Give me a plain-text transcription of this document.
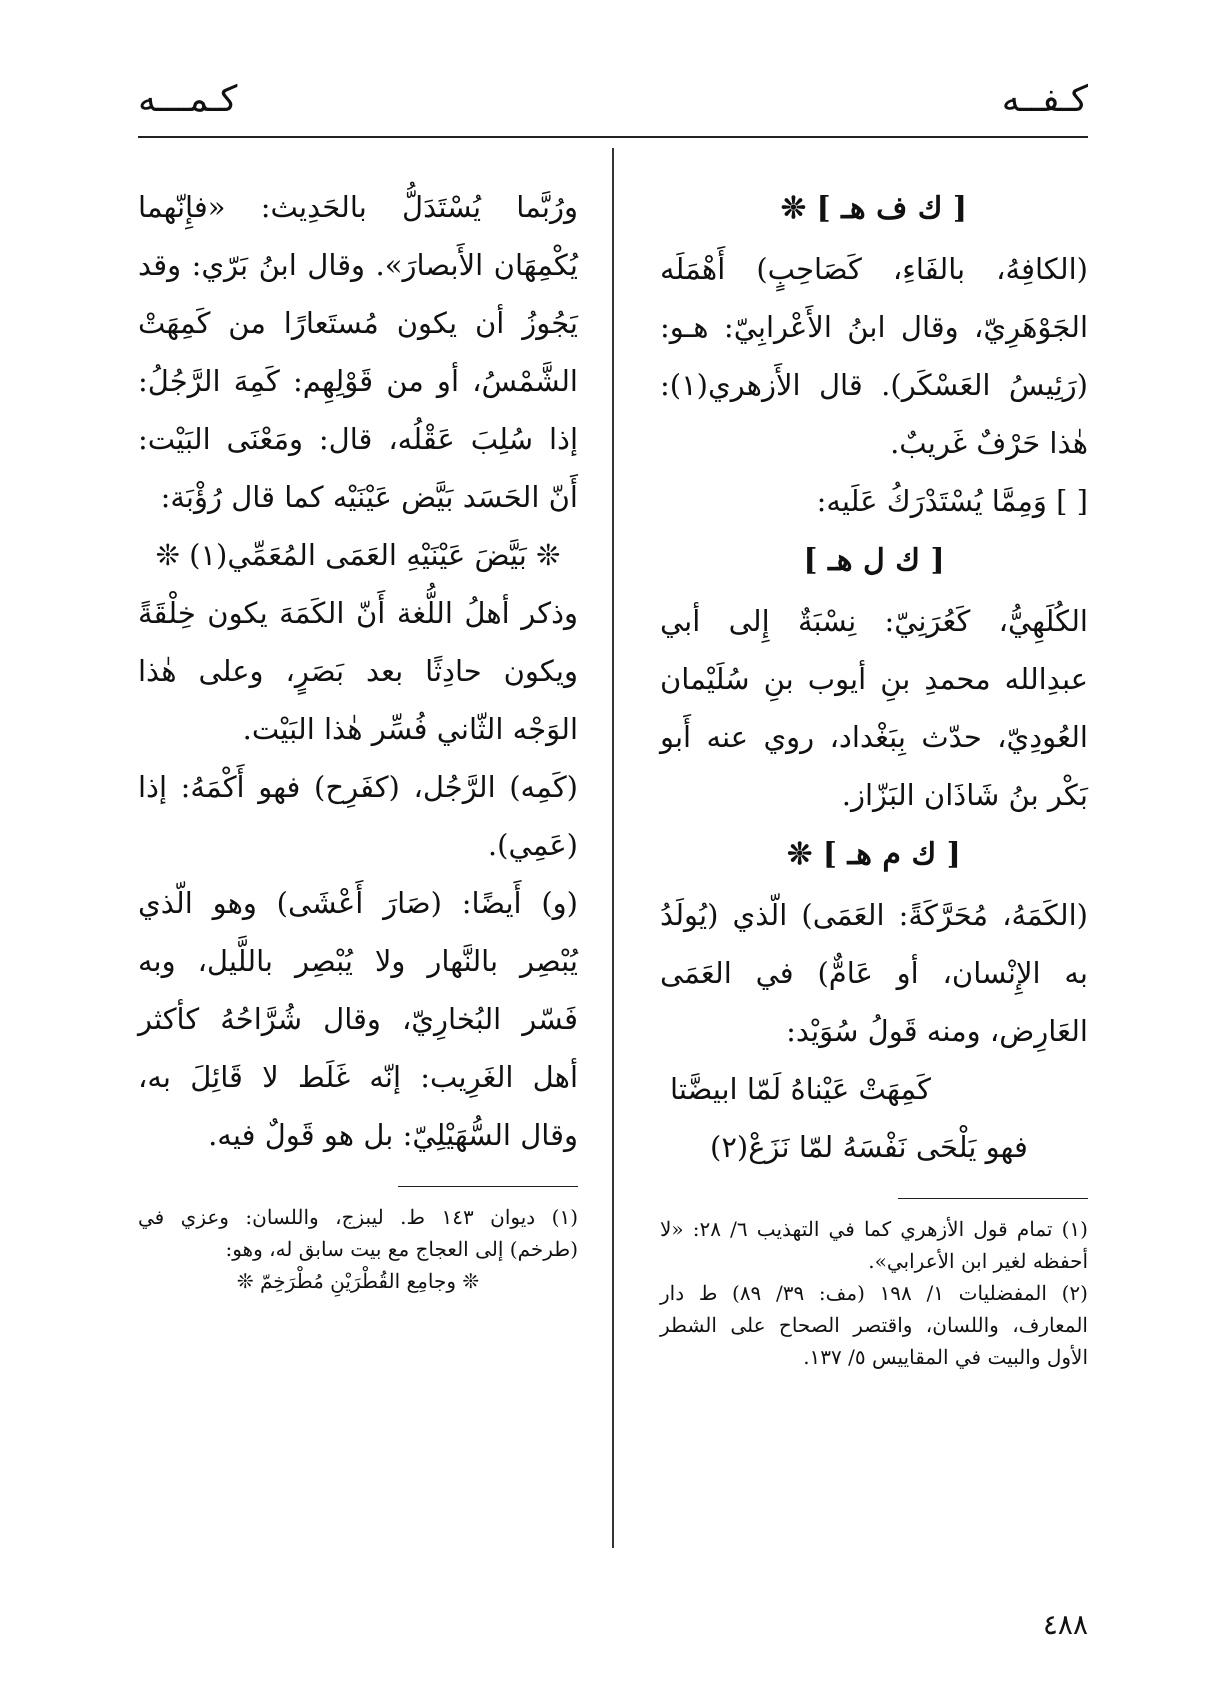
كـفــه
كـمـــه
[ ك ف هـ ] ❊

(الكافِهُ، بالفَاءِ، كَصَاحِبٍ) أَهْمَلَه الجَوْهَرِيّ، وقال ابنُ الأَعْرابِيّ: هـو: (رَئِيسُ العَسْكَر). قال الأَزهري(١): هٰذا حَرْفٌ غَريبٌ.

[ ] وَمِمَّا يُسْتَدْرَكُ عَلَيه:

[ ك ل هـ ]

الكُلَهِيُّ، كَعُرَنِيّ: نِسْبَةٌ إِلى أبي عبدِالله محمدِ بنِ أيوب بنِ سُلَيْمان العُودِيّ، حدّث بِبَغْداد، روي عنه أَبو بَكْر بنُ شَاذَان البَزّاز.

[ ك م هـ ] ❊

(الكَمَهُ، مُحَرَّكَةً: العَمَى) الّذي (يُولَدُ به الإِنْسان، أو عَامٌّ) في العَمَى العَارِض، ومنه قَولُ سُوَيْد:

كَمِهَتْ عَيْناهُ لَمّا ابيضَّتا
فهو يَلْحَى نَفْسَهُ لمّا نَزَعْ(٢)

(١) تمام قول الأزهري كما في التهذيب ٦/ ٢٨: «لا أحفظه لغير ابن الأعرابي».

(٢) المفضليات ١/ ١٩٨ (مف: ٣٩/ ٨٩) ط دار المعارف، واللسان، واقتصر الصحاح على الشطر الأول والبيت في المقاييس ٥/ ١٣٧.

ورُبَّما يُسْتَدَلُّ بالحَدِيث: «فإِنّهما يُكْمِهَان الأَبصارَ». وقال ابنُ بَرّي: وقد يَجُوزُ أن يكون مُستَعارًا من كَمِهَتْ الشَّمْسُ، أو من قَوْلِهِم: كَمِهَ الرَّجُلُ: إذا سُلِبَ عَقْلُه، قال: ومَعْنَى البَيْت: أَنّ الحَسَد بَيَّض عَيْنَيْه كما قال رُؤْبَة:

❊ بَيَّضَ عَيْنَيْهِ العَمَى المُعَمِّي(١) ❊

وذكر أهلُ اللُّغة أَنّ الكَمَهَ يكون خِلْقَةً ويكون حادِثًا بعد بَصَرٍ، وعلى هٰذا الوَجْه الثّاني فُسِّر هٰذا البَيْت.

(كَمِه) الرَّجُل، (كفَرِح) فهو أَكْمَهُ: إذا (عَمِي).

(و) أَيضًا: (صَارَ أَعْشَى) وهو الّذي يُبْصِر بالنَّهار ولا يُبْصِر باللَّيل، وبه فَسّر البُخارِيّ، وقال شُرَّاحُهُ كأكثر أهل الغَرِيب: إنّه غَلَط لا قَائِلَ به، وقال السُّهَيْلِيّ: بل هو قَولٌ فيه.

(١) ديوان ١٤٣ ط. ليبزج، واللسان: وعزي في (طرخم) إلى العجاج مع بيت سابق له، وهو:

❊ وجامِع القُطْرَيْنِ مُطْرَخِمّ ❊

٤٨٨
